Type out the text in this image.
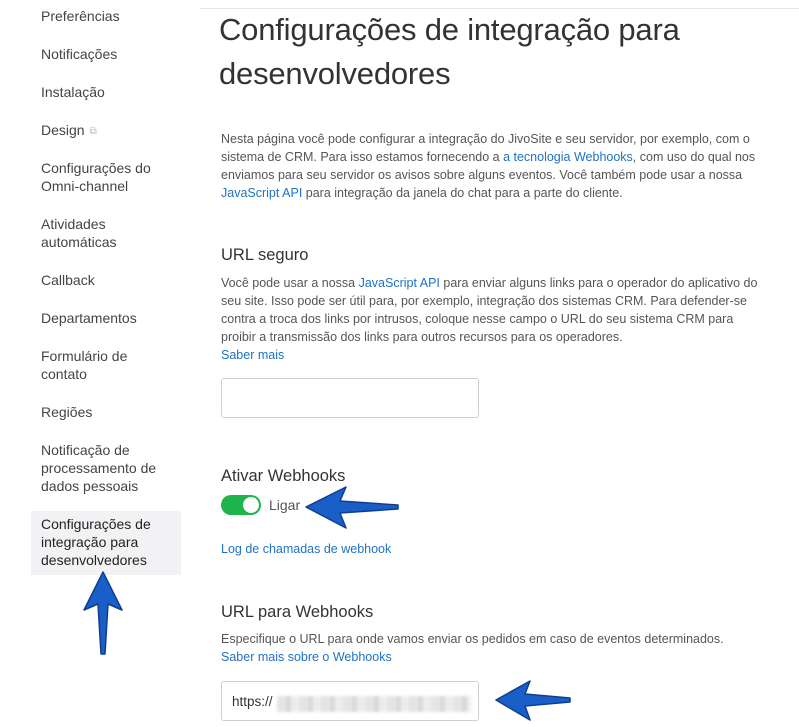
Preferências
Notificações
Instalação
Design ⧉
Configurações do Omni-channel
Atividades automáticas
Callback
Departamentos
Formulário de contato
Regiões
Notificação de processamento de dados pessoais
Configurações de integração para desenvolvedores
Configurações de integração para desenvolvedores

Nesta página você pode configurar a integração do JivoSite e seu servidor, por exemplo, com o sistema de CRM. Para isso estamos fornecendo a a tecnologia Webhooks, com uso do qual nos enviamos para seu servidor os avisos sobre alguns eventos. Você também pode usar a nossa JavaScript API para integração da janela do chat para a parte do cliente.

URL seguro

Você pode usar a nossa JavaScript API para enviar alguns links para o operador do aplicativo do seu site. Isso pode ser útil para, por exemplo, integração dos sistemas CRM. Para defender-se contra a troca dos links por intrusos, coloque nesse campo o URL do seu sistema CRM para proibir a transmissão dos links para outros recursos para os operadores.
Saber mais

Ativar Webhooks
Ligar
Log de chamadas de webhook
URL para Webhooks

Especifique o URL para onde vamos enviar os pedidos em caso de eventos determinados.
Saber mais sobre o Webhooks

https://
